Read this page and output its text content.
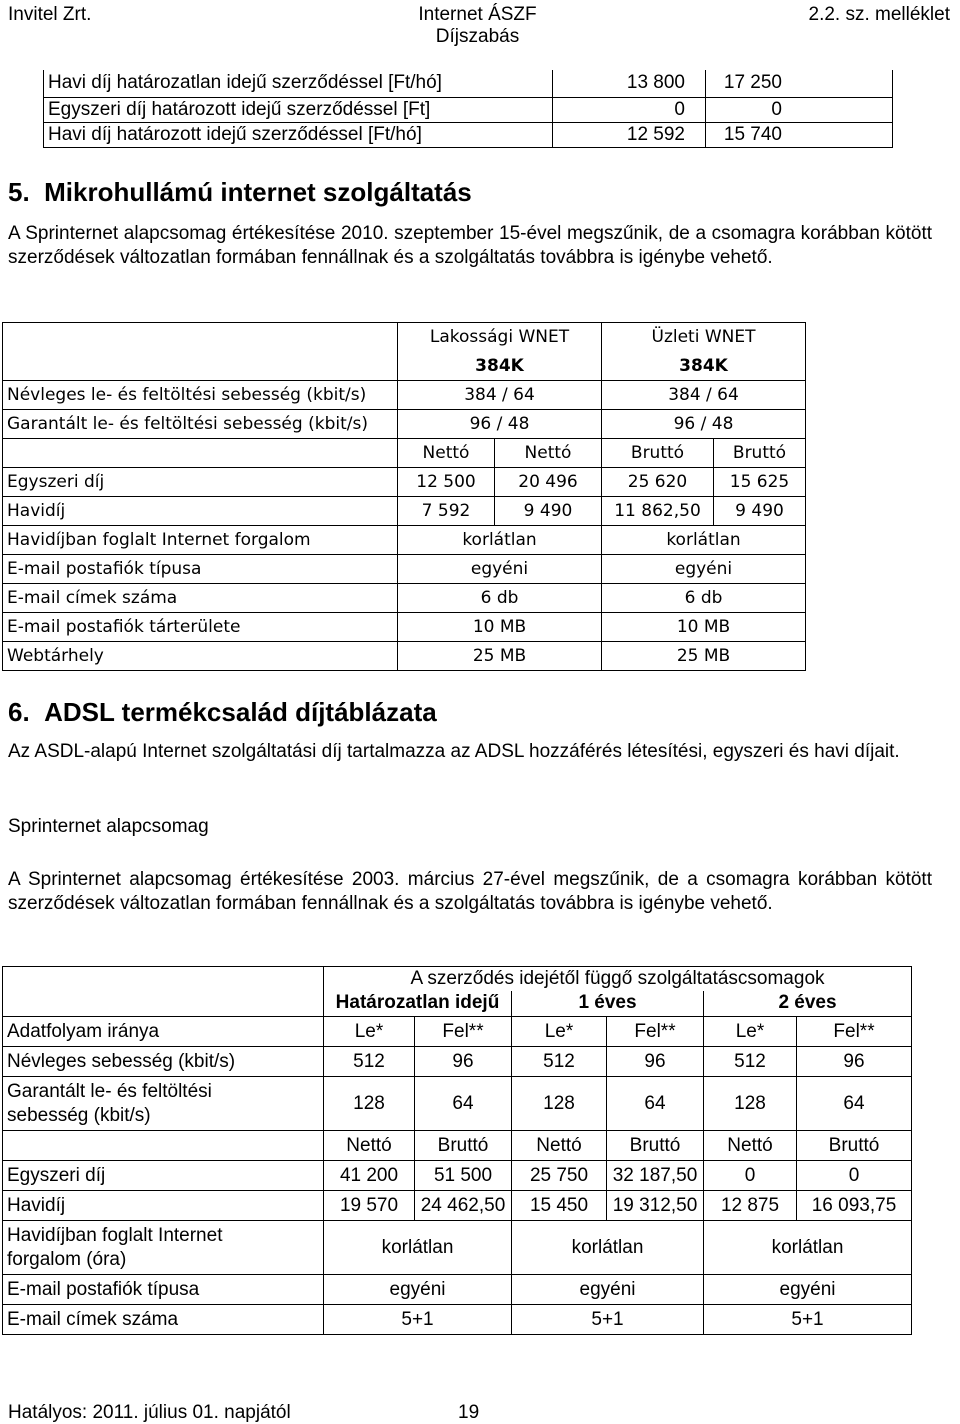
Invitel Zrt.	Internet ÁSZF
Díjszabás
2.2. sz. melléklet
Havi díj határozatlan idejű szerződéssel [Ft/hó]	13 800	17 250
Egyszeri díj határozott idejű szerződéssel [Ft]	0	0
Havi díj határozott idejű szerződéssel [Ft/hó]	12 592	15 740
5.  Mikrohullámú internet szolgáltatás
A Sprinternet alapcsomag értékesítése 2010. szeptember 15-ével megszűnik, de a csomagra korábban kötött szerződések változatlan formában fennállnak és a szolgáltatás továbbra is igénybe vehető.
	Lakossági WNET		Üzleti WNET	
	384K		384K	
Névleges le- és feltöltési sebesség (kbit/s)	384 / 64		384 / 64	
Garantált le- és feltöltési sebesség (kbit/s)	96 / 48		96 / 48	
	Nettó	Nettó	Bruttó	Bruttó
Egyszeri díj	12 500	20 496	25 620	15 625
Havidíj	7 592	9 490	11 862,50	9 490
Havidíjban foglalt Internet forgalom	korlátlan		korlátlan	
E-mail postafiók típusa	egyéni		egyéni	
E-mail címek száma	6 db		6 db	
E-mail postafiók tárterülete	10 MB		10 MB	
Webtárhely	25 MB		25 MB	
6.  ADSL termékcsalád díjtáblázata
Az ASDL-alapú Internet szolgáltatási díj tartalmazza az ADSL hozzáférés létesítési, egyszeri és havi díjait.
Sprinternet alapcsomag
A Sprinternet alapcsomag értékesítése 2003. március 27-ével megszűnik, de a csomagra korábban kötött szerződések változatlan formában fennállnak és a szolgáltatás továbbra is igénybe vehető.
	A szerződés idejétől függő szolgáltatáscsomagok					
	Határozatlan idejű		1 éves		2 éves	
Adatfolyam iránya	Le*	Fel**	Le*	Fel**	Le*	Fel**
Névleges sebesség (kbit/s)	512	96	512	96	512	96

Garantált le- és feltöltési
sebesség (kbit/s)	128	64	128	64	128	64
	Nettó	Bruttó	Nettó	Bruttó	Nettó	Bruttó
Egyszeri díj	41 200	51 500	25 750	32 187,50	0	0
Havidíj	19 570	24 462,50	15 450	19 312,50	12 875	16 093,75

Havidíjban foglalt Internet
forgalom (óra)	korlátlan		korlátlan		korlátlan	
E-mail postafiók típusa	egyéni		egyéni		egyéni	
E-mail címek száma	5+1		5+1		5+1	
Hatályos: 2011. július 01. napjától	19
